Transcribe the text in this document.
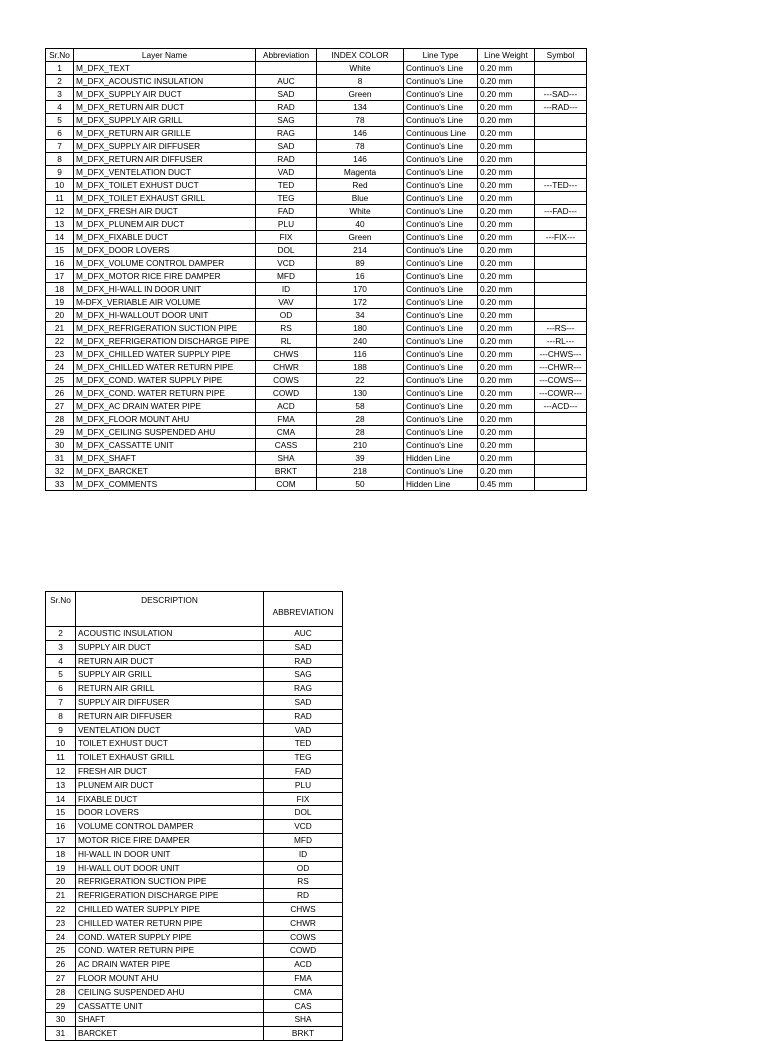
Sr.No	Layer Name	Abbreviation	INDEX COLOR	Line Type	Line Weight	Symbol
1	M_DFX_TEXT		White	Continuo's Line	0.20 mm	
2	M_DFX_ACOUSTIC INSULATION	AUC	8	Continuo's Line	0.20 mm	
3	M_DFX_SUPPLY AIR DUCT	SAD	Green	Continuo's Line	0.20 mm	---SAD---
4	M_DFX_RETURN AIR DUCT	RAD	134	Continuo's Line	0.20 mm	---RAD---
5	M_DFX_SUPPLY AIR GRILL	SAG	78	Continuo's Line	0.20 mm	
6	M_DFX_RETURN AIR GRILLE	RAG	146	Continuous Line	0.20 mm	
7	M_DFX_SUPPLY AIR DIFFUSER	SAD	78	Continuo's Line	0.20 mm	
8	M_DFX_RETURN AIR DIFFUSER	RAD	146	Continuo's Line	0.20 mm	
9	M_DFX_VENTELATION DUCT	VAD	Magenta	Continuo's Line	0.20 mm	
10	M_DFX_TOILET EXHUST DUCT	TED	Red	Continuo's Line	0.20 mm	---TED---
11	M_DFX_TOILET EXHAUST GRILL	TEG	Blue	Continuo's Line	0.20 mm	
12	M_DFX_FRESH AIR DUCT	FAD	White	Continuo's Line	0.20 mm	---FAD---
13	M_DFX_PLUNEM AIR DUCT	PLU	40	Continuo's Line	0.20 mm	
14	M_DFX_FIXABLE DUCT	FIX	Green	Continuo's Line	0.20 mm	---FIX---
15	M_DFX_DOOR LOVERS	DOL	214	Continuo's Line	0.20 mm	
16	M_DFX_VOLUME CONTROL DAMPER	VCD	89	Continuo's Line	0.20 mm	
17	M_DFX_MOTOR RICE FIRE DAMPER	MFD	16	Continuo's Line	0.20 mm	
18	M_DFX_HI-WALL IN DOOR UNIT	ID	170	Continuo's Line	0.20 mm	
19	M-DFX_VERIABLE AIR VOLUME	VAV	172	Continuo's Line	0.20 mm	
20	M_DFX_HI-WALLOUT DOOR UNIT	OD	34	Continuo's Line	0.20 mm	
21	M_DFX_REFRIGERATION SUCTION PIPE	RS	180	Continuo's Line	0.20 mm	---RS---
22	M_DFX_REFRIGERATION DISCHARGE PIPE	RL	240	Continuo's Line	0.20 mm	---RL---
23	M_DFX_CHILLED WATER SUPPLY PIPE	CHWS	116	Continuo's Line	0.20 mm	---CHWS---
24	M_DFX_CHILLED WATER RETURN PIPE	CHWR	188	Continuo's Line	0.20 mm	---CHWR---
25	M_DFX_COND. WATER SUPPLY PIPE	COWS	22	Continuo's Line	0.20 mm	---COWS---
26	M_DFX_COND. WATER RETURN PIPE	COWD	130	Continuo's Line	0.20 mm	---COWR---
27	M_DFX_AC DRAIN WATER PIPE	ACD	58	Continuo's Line	0.20 mm	---ACD---
28	M_DFX_FLOOR MOUNT AHU	FMA	28	Continuo's Line	0.20 mm	
29	M_DFX_CEILING SUSPENDED AHU	CMA	28	Continuo's Line	0.20 mm	
30	M_DFX_CASSATTE UNIT	CASS	210	Continuo's Line	0.20 mm	
31	M_DFX_SHAFT	SHA	39	Hidden Line	0.20 mm	
32	M_DFX_BARCKET	BRKT	218	Continuo's Line	0.20 mm	
33	M_DFX_COMMENTS	COM	50	Hidden Line	0.45 mm	
Sr.No	DESCRIPTION	ABBREVIATION
2	ACOUSTIC INSULATION	AUC
3	SUPPLY AIR DUCT	SAD
4	RETURN AIR DUCT	RAD
5	SUPPLY AIR GRILL	SAG
6	RETURN AIR GRILL	RAG
7	SUPPLY AIR DIFFUSER	SAD
8	RETURN AIR DIFFUSER	RAD
9	VENTELATION DUCT	VAD
10	TOILET EXHUST DUCT	TED
11	TOILET EXHAUST GRILL	TEG
12	FRESH AIR DUCT	FAD
13	PLUNEM AIR DUCT	PLU
14	FIXABLE DUCT	FIX
15	DOOR LOVERS	DOL
16	VOLUME CONTROL DAMPER	VCD
17	MOTOR RICE FIRE DAMPER	MFD
18	HI-WALL IN DOOR UNIT	ID
19	HI-WALL OUT DOOR UNIT	OD
20	REFRIGERATION SUCTION PIPE	RS
21	REFRIGERATION DISCHARGE PIPE	RD
22	CHILLED WATER SUPPLY PIPE	CHWS
23	CHILLED WATER RETURN PIPE	CHWR
24	COND. WATER SUPPLY PIPE	COWS
25	COND. WATER RETURN PIPE	COWD
26	AC DRAIN WATER PIPE	ACD
27	FLOOR MOUNT AHU	FMA
28	CEILING SUSPENDED AHU	CMA
29	CASSATTE UNIT	CAS
30	SHAFT	SHA
31	BARCKET	BRKT
